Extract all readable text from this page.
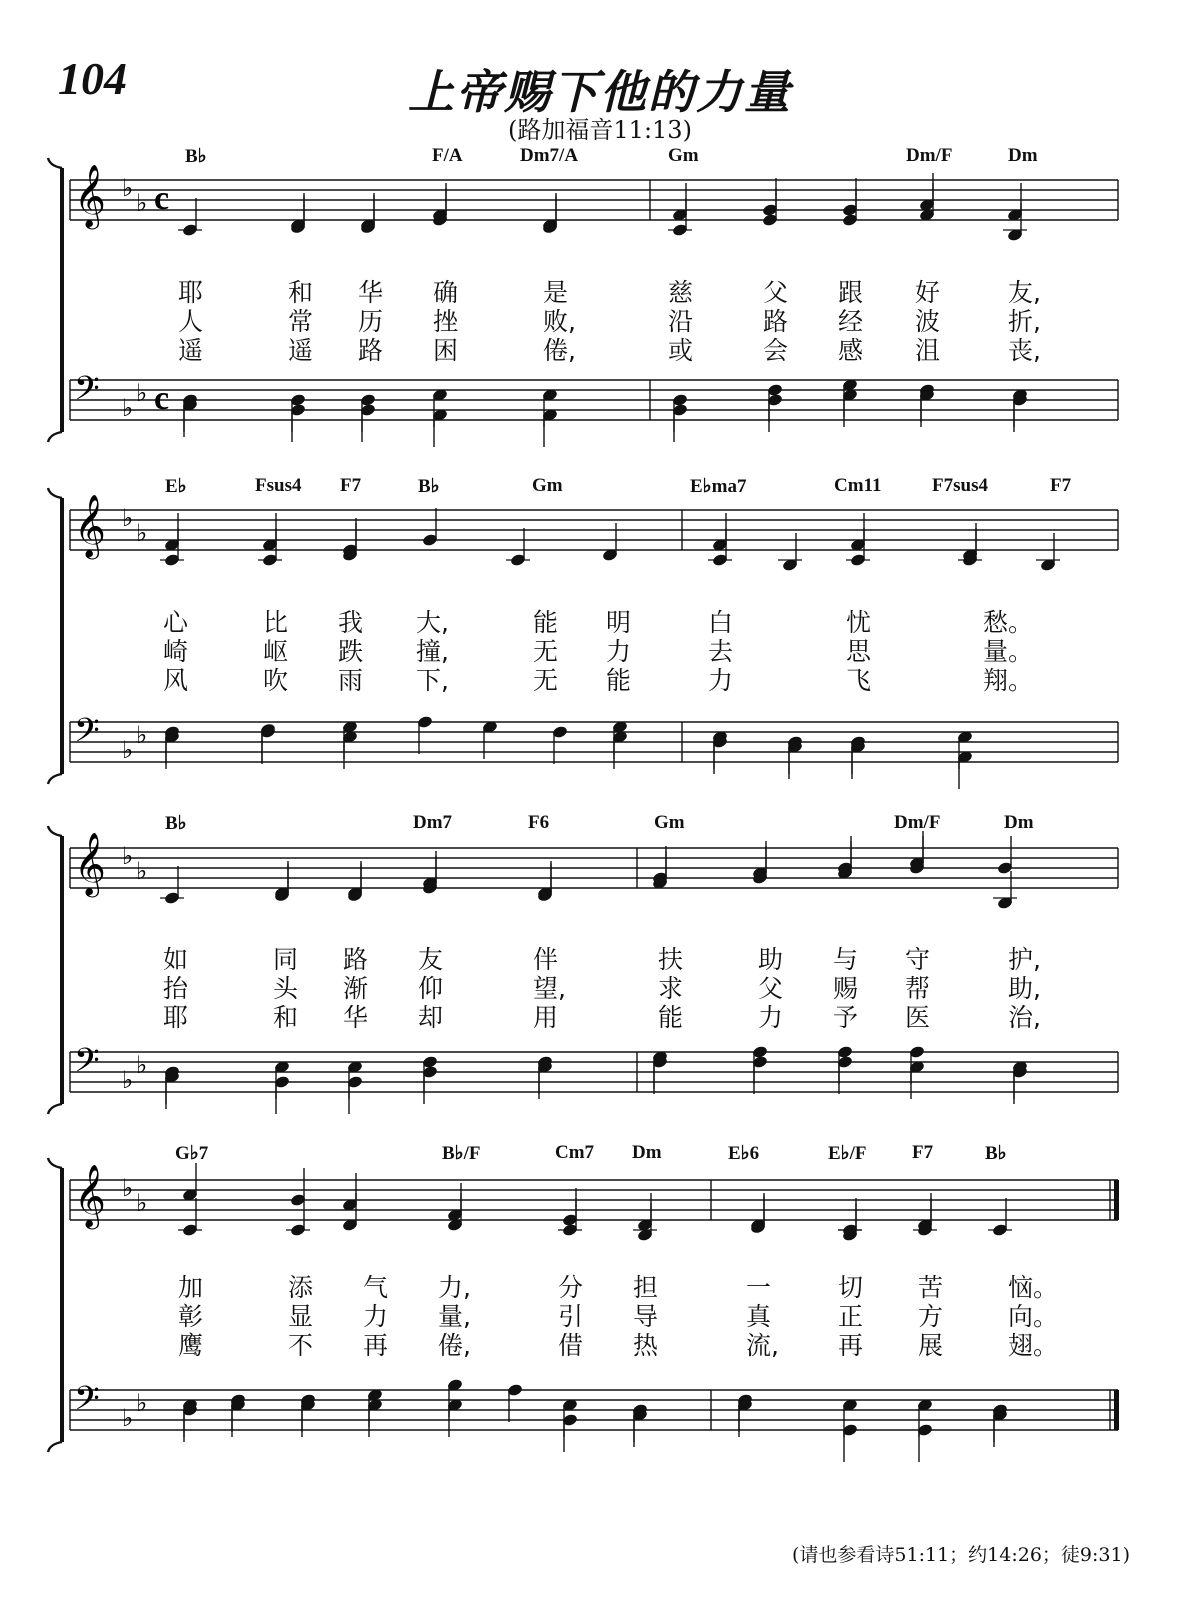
104	上帝赐下他的力量
(路加福音11:13)
𝄞 ♭
♭
𝄢 ♭
♭
c
c
𝄞 ♭
♭
𝄢 ♭
♭
𝄞 ♭
♭
𝄢 ♭
♭
𝄞 ♭
♭
𝄢 ♭
♭
B♭	F/A	Dm7/A	Gm	Dm/F	Dm
耶	和 华 确	是	慈	父 跟 好	友,
人	常 历 挫	败,	沿	路 经 波	折,
遥	遥 路 困	倦,	或	会 感 沮	丧,
E♭	Fsus4 F7	B♭	Gm	E♭ma7	Cm11	F7sus4	F7
心	比 我 大,	能 明	白	忧	愁。
崎	岖 跌 撞,	无 力	去	思	量。
风	吹 雨 下,	无 能	力	飞	翔。
B♭	Dm7	F6	Gm	Dm/F	Dm
如	同 路 友	伴	扶	助 与 守	护,
抬	头 渐 仰	望,	求	父 赐 帮	助,
耶	和 华 却	用	能	力 予 医	治,
G♭7	B♭/F	Cm7 Dm	E♭6	E♭/F F7	B♭
加	添 气 力,	分 担	一	切 苦	恼。
彰	显 力 量,	引 导	真	正 方	向。
鹰	不 再 倦,	借 热	流, 再 展	翅。
(请也参看诗51:11；约14:26；徒9:31)
